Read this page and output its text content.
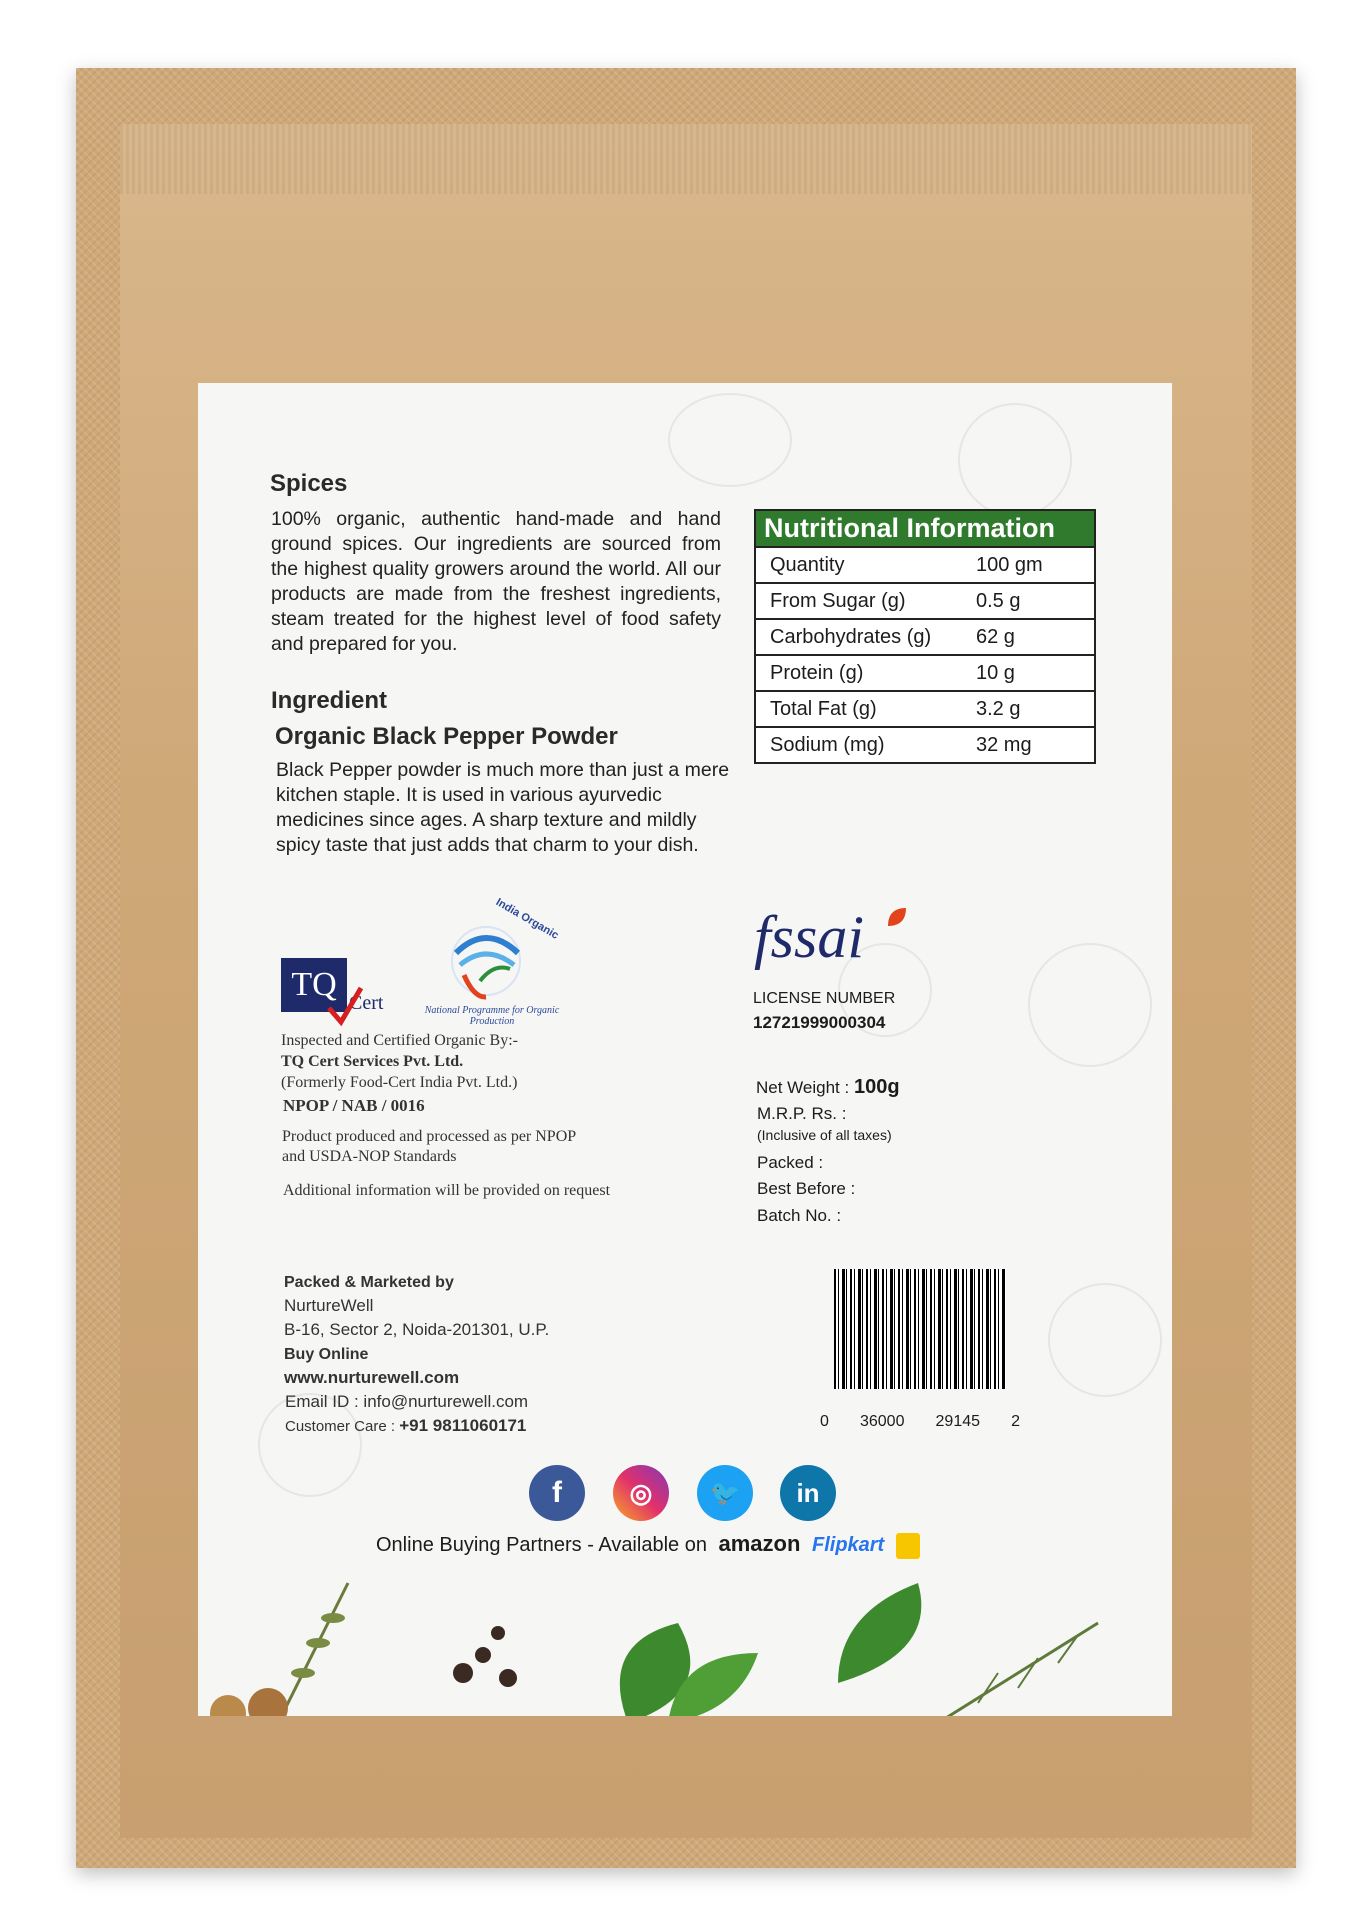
Spices
100% organic, authentic hand-made and hand ground spices. Our ingredients are sourced from the highest quality growers around the world. All our products are made from the freshest ingredients, steam treated for the highest level of food safety and prepared for you.
Ingredient
Organic Black Pepper Powder
Black Pepper powder is much more than just a mere kitchen staple. It is used in various ayurvedic medicines since ages. A sharp texture and mildly spicy taste that just adds that charm to your dish.
Nutritional Information
Quantity	100 gm
From Sugar (g)	0.5 g
Carbohydrates (g)	62 g
Protein (g)	10 g
Total Fat (g)	3.2 g
Sodium (mg)	32 mg
TQ Cert
India Organic
National Programme for Organic Production
Inspected and Certified Organic By:-
TQ Cert Services Pvt. Ltd.
(Formerly Food-Cert India Pvt. Ltd.)
NPOP / NAB / 0016
Product produced and processed as per NPOP and USDA-NOP Standards
Additional information will be provided on request
fssai
LICENSE NUMBER
12721999000304
Net Weight : 100g
M.R.P. Rs. :
(Inclusive of all taxes)
Packed :
Best Before :
Batch No. :
Packed & Marketed by
NurtureWell
B-16, Sector 2, Noida-201301, U.P.
Buy Online
www.nurturewell.com
Email ID : info@nurturewell.com
Customer Care : +91 9811060171	0 36000 29145 2
f	◎	🐦	in
Online Buying Partners - Available on amazon Flipkart
